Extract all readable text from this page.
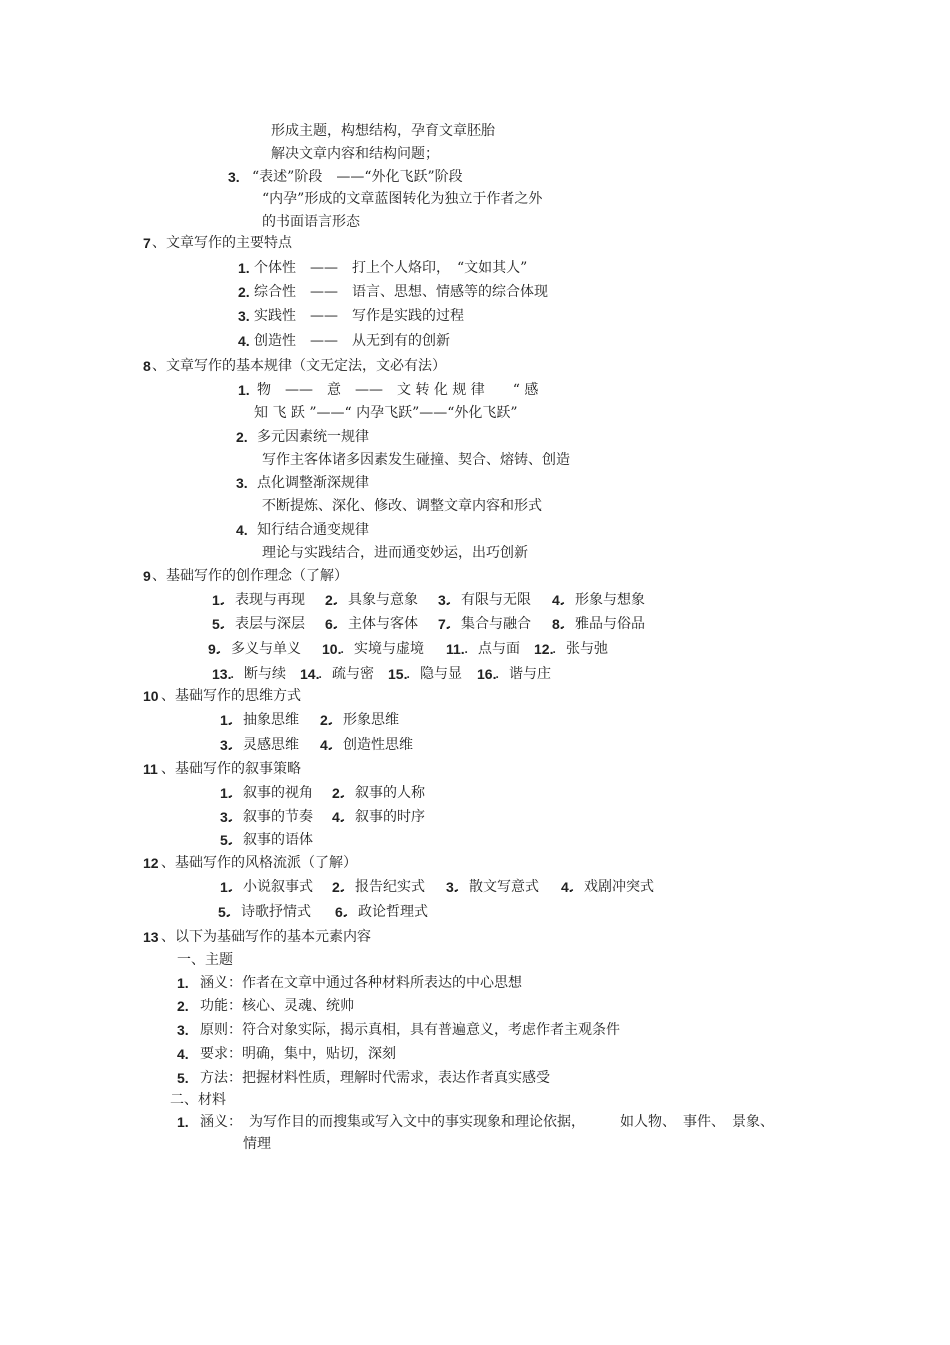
形成主题，构想结构，孕育文章胚胎
解决文章内容和结构问题；
3. “表述”阶段　——“外化飞跃”阶段
“内孕”形成的文章蓝图转化为独立于作者之外
的书面语言形态
7 、文章写作的主要特点
1. 个体性　——　打上个人烙印，　“文如其人”
2. 综合性　——　语言、思想、情感等的综合体现
3. 实践性　——　写作是实践的过程
4. 创造性　——　从无到有的创新
8 、文章写作的基本规律（文无定法，文必有法）
1. 物　——　意　——　文 转 化 规 律　　“ 感
知 飞 跃 ”——“ 内孕飞跃”——“外化飞跃”
2. 多元因素统一规律
写作主客体诸多因素发生碰撞、契合、熔铸、创造
3. 点化调整渐深规律
不断提炼、深化、修改、调整文章内容和形式
4. 知行结合通变规律
理论与实践结合，进而通变妙运，出巧创新
9 、基础写作的创作理念（了解）
1.
．表现与再现 2.
．具象与意象 3.
．有限与无限 4.
．形象与想象
5.
．表层与深层 6.
．主体与客体 7.
．集合与融合 8.
．雅品与俗品
9.
．多义与单义 10.
．实境与虚境 11. ．点与面 12.
．张与弛
13.
．断与续 14.
．疏与密 15.
．隐与显 16.
．谐与庄
10 、基础写作的思维方式
1.
．抽象思维 2.
．形象思维
3.
．灵感思维 4.
．创造性思维
11 、基础写作的叙事策略
1.
．叙事的视角 2.
．叙事的人称
3.
．叙事的节奏 4.
．叙事的时序
5.
．叙事的语体
12 、基础写作的风格流派（了解）
1.
．小说叙事式 2.
．报告纪实式 3.
．散文写意式 4.
．戏剧冲突式
5.
．诗歌抒情式 6.
．政论哲理式
13 、以下为基础写作的基本元素内容
一、主题
1. 涵义：作者在文章中通过各种材料所表达的中心思想
2. 功能：核心、灵魂、统帅
3. 原则：符合对象实际，揭示真相，具有普遍意义，考虑作者主观条件
4. 要求：明确，集中，贴切，深刻
5. 方法：把握材料性质，理解时代需求，表达作者真实感受
二、材料
1. 涵义：　为写作目的而搜集或写入文中的事实现象和理论依据，　　　如人物、　事件、　景象、
情理
